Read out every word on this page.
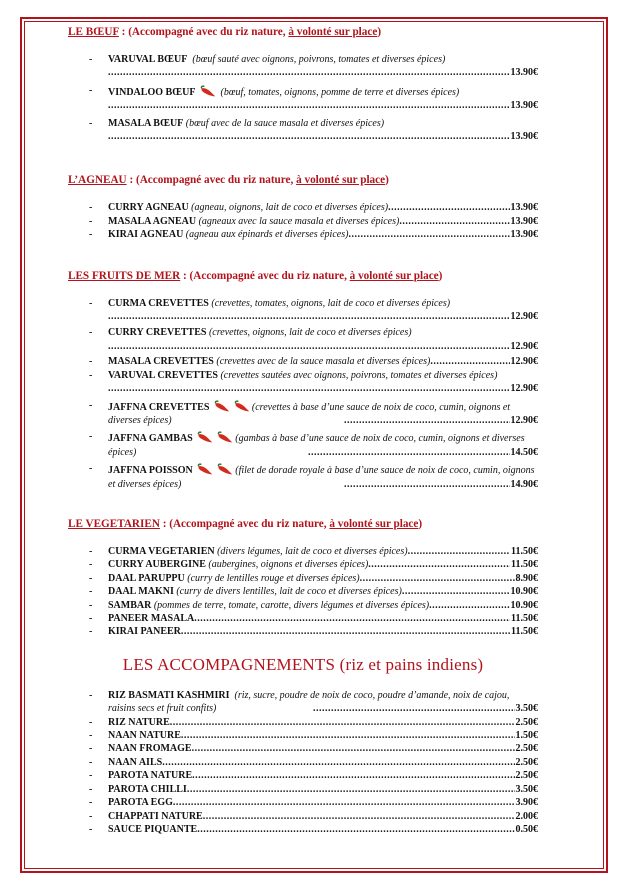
LE BŒUF : (Accompagné avec du riz nature, à volonté sur place)
- VARUVAL BŒUF (bœuf sauté avec oignons, poivrons, tomates et diverses épices)
.....
13.90€
- VINDALOO BŒUF	(bœuf, tomates, oignons, pomme de terre et diverses épices)
.....
13.90€
- MASALA BŒUF (bœuf avec de la sauce masala et diverses épices)
.....
13.90€
L’AGNEAU : (Accompagné avec du riz nature, à volonté sur place)
- CURRY AGNEAU
(agneau, oignons, lait de coco et diverses épices) .....	13.90€
- MASALA AGNEAU
(agneaux avec la sauce masala et diverses épices) .....	13.90€
- KIRAI AGNEAU
(agneau aux épinards et diverses épices) .....	13.90€
LES FRUITS DE MER : (Accompagné avec du riz nature, à volonté sur place)
- CURMA CREVETTES (crevettes, tomates, oignons, lait de coco et diverses épices)
.....
12.90€
- CURRY CREVETTES (crevettes, oignons, lait de coco et diverses épices)
.....
12.90€
- MASALA CREVETTES
(crevettes avec de la sauce masala et diverses épices) .....	12.90€
- VARUVAL CREVETTES (crevettes sautées avec oignons, poivrons, tomates et diverses épices)
.....
12.90€
- JAFFNA CREVETTES	(crevettes à base d’une sauce de noix de coco, cumin, oignons et diverses épices) .....	12.90€
- JAFFNA GAMBAS	(gambas à base d’une sauce de noix de coco, cumin, oignons et diverses épices) .....	14.50€
- JAFFNA POISSON	(filet de dorade royale à base d’une sauce de noix de coco, cumin, oignons et diverses épices) .....	14.90€
LE VEGETARIEN : (Accompagné avec du riz nature, à volonté sur place)
- CURMA VEGETARIEN
(divers légumes, lait de coco et diverses épices) .....	11.50€
- CURRY AUBERGINE
(aubergines, oignons et diverses épices) .....	11.50€
- DAAL PARUPPU
(curry de lentilles rouge et diverses épices) .....	8.90€
- DAAL MAKNI
(curry de divers lentilles, lait de coco et diverses épices) .....	10.90€
- SAMBAR
(pommes de terre, tomate, carotte, divers légumes et diverses épices) .....	10.90€
- PANEER MASALA .....	11.50€
- KIRAI PANEER .....	11.50€
LES ACCOMPAGNEMENTS (riz et pains indiens)
- RIZ BASMATI KASHMIRI (riz, sucre, poudre de noix de coco, poudre d’amande, noix de cajou, raisins secs et fruit confits) .....	3.50€
- RIZ NATURE .....	2.50€
- NAAN NATURE .....	1.50€
- NAAN FROMAGE .....	2.50€
- NAAN AILS .....	2.50€
- PAROTA NATURE .....	2.50€
- PAROTA CHILLI .....	3.50€
- PAROTA EGG .....	3.90€
- CHAPPATI NATURE .....	2.00€
- SAUCE PIQUANTE .....	0.50€
